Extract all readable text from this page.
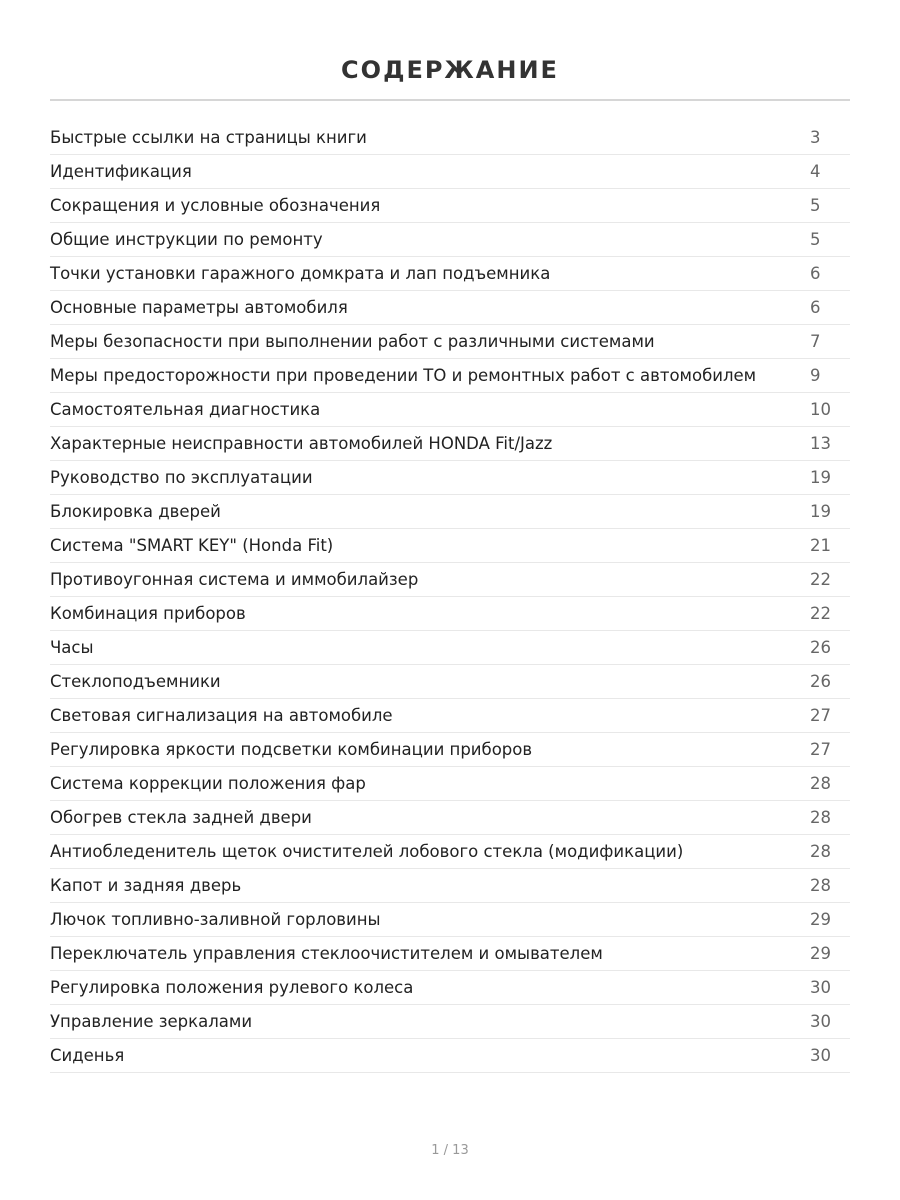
СОДЕРЖАНИЕ
Быстрые ссылки на страницы книги	3
Идентификация	4
Сокращения и условные обозначения	5
Общие инструкции по ремонту	5
Точки установки гаражного домкрата и лап подъемника	6
Основные параметры автомобиля	6
Меры безопасности при выполнении работ с различными системами	7
Меры предосторожности при проведении ТО и ремонтных работ с автомобилем	9
Самостоятельная диагностика	10
Характерные неисправности автомобилей HONDA Fit/Jazz	13
Руководство по эксплуатации	19
Блокировка дверей	19
Система "SMART KEY" (Honda Fit)	21
Противоугонная система и иммобилайзер	22
Комбинация приборов	22
Часы	26
Стеклоподъемники	26
Световая сигнализация на автомобиле	27
Регулировка яркости подсветки комбинации приборов	27
Система коррекции положения фар	28
Обогрев стекла задней двери	28
Антиобледенитель щеток очистителей лобового стекла (модификации)	28
Капот и задняя дверь	28
Лючок топливно-заливной горловины	29
Переключатель управления стеклоочистителем и омывателем	29
Регулировка положения рулевого колеса	30
Управление зеркалами	30
Сиденья	30
1 / 13
